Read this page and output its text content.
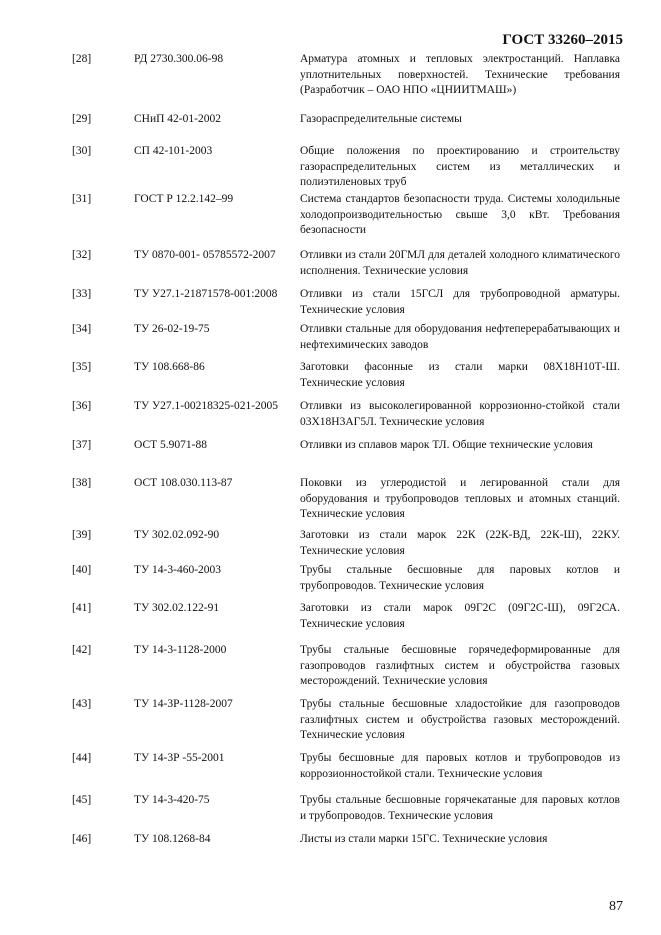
ГОСТ 33260–2015
[28]	РД 2730.300.06-98	Арматура атомных и тепловых электростанций. Наплавка уплотнительных поверхностей. Технические требования (Разработчик – ОАО НПО «ЦНИИТМАШ»)
[29]	СНиП 42-01-2002	Газораспределительные системы
[30]	СП 42-101-2003	Общие положения по проектированию и строительству газораспределительных систем из металлических и полиэтиленовых труб
[31]	ГОСТ Р 12.2.142–99	Система стандартов безопасности труда. Системы холодильные холодопроизводительностью свыше 3,0 кВт. Требования безопасности
[32]	ТУ 0870-001- 05785572-2007	Отливки из стали 20ГМЛ для деталей холодного климатического исполнения. Технические условия
[33]	ТУ У27.1-21871578-001:2008	Отливки из стали 15ГСЛ для трубопроводной арматуры. Технические условия
[34]	ТУ 26-02-19-75	Отливки стальные для оборудования нефтеперерабатывающих и нефтехимических заводов
[35]	ТУ 108.668-86	Заготовки фасонные из стали марки 08Х18Н10Т-Ш. Технические условия
[36]	ТУ У27.1-00218325-021-2005	Отливки из высоколегированной коррозионно-стойкой стали 03Х18Н3АГ5Л. Технические условия
[37]	ОСТ 5.9071-88	Отливки из сплавов марок ТЛ. Общие технические условия
[38]	ОСТ 108.030.113-87	Поковки из углеродистой и легированной стали для оборудования и трубопроводов тепловых и атомных станций. Технические условия
[39]	ТУ 302.02.092-90	Заготовки из стали марок 22К (22К-ВД, 22К-Ш), 22КУ. Технические условия
[40]	ТУ 14-3-460-2003	Трубы стальные бесшовные для паровых котлов и трубопроводов. Технические условия
[41]	ТУ 302.02.122-91	Заготовки из стали марок 09Г2С (09Г2С-Ш), 09Г2СА. Технические условия
[42]	ТУ 14-3-1128-2000	Трубы стальные бесшовные горячедеформированные для газопроводов газлифтных систем и обустройства газовых месторождений. Технические условия
[43]	ТУ 14-3Р-1128-2007	Трубы стальные бесшовные хладостойкие для газопроводов газлифтных систем и обустройства газовых месторождений. Технические условия
[44]	ТУ 14-3Р -55-2001	Трубы бесшовные для паровых котлов и трубопроводов из коррозионностойкой стали. Технические условия
[45]	ТУ 14-3-420-75	Трубы стальные бесшовные горячекатаные для паровых котлов и трубопроводов. Технические условия
[46]	ТУ 108.1268-84	Листы из стали марки 15ГС. Технические условия
87
